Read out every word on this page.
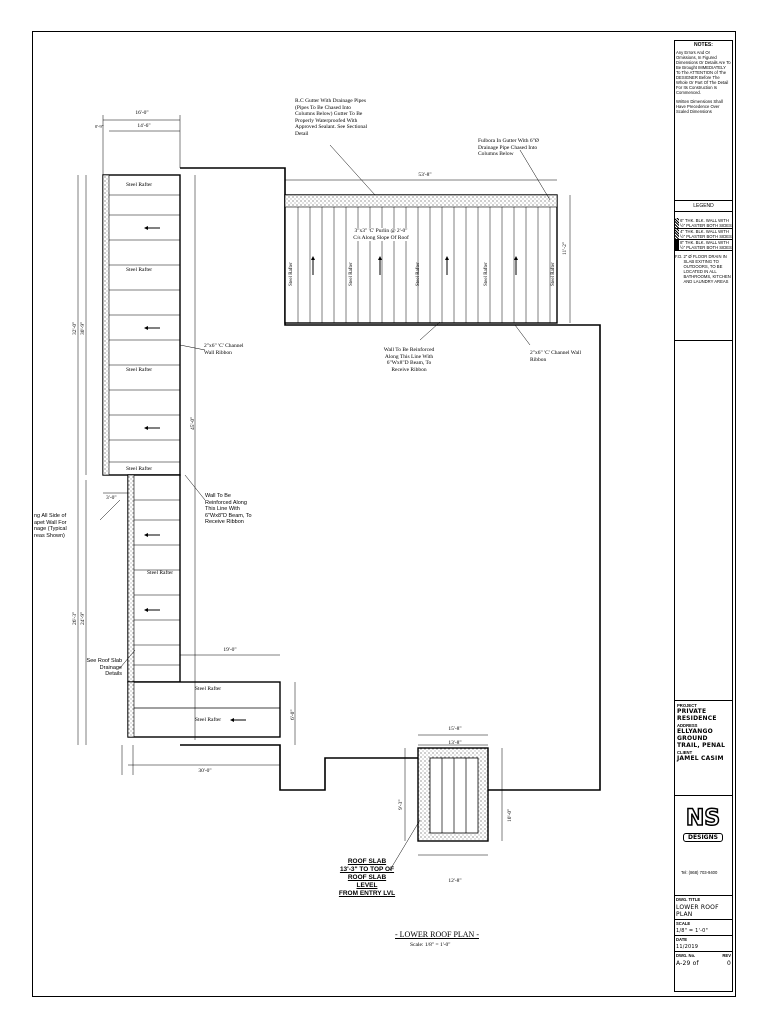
Steel Rafter	Steel Rafter	Steel Rafter	Steel Rafter	Steel Rafter
16'-0"
14'-6"
0'-9"
53'-8"
11'-2"
32'-0" 30'-9"
45'-0"
26'-3" 24'-9"
3'-0"
19'-0"
6'-0"
30'-0"
15'-8"
13'-8"
12'-8"
9'-3"
10'-0"
Steel Rafter
Steel Rafter
Steel Rafter
Steel Rafter
Steel Rafter
Steel Rafter
Steel Rafter
R.C Gutter With Drainage Pipes (Pipes To Be Chased Into Columns Below) Gutter To Be Properly Waterproofed With Approved Sealant. See Sectional Detail
Fulbora In Gutter With 6"Ø Drainage Pipe Chased Into Columns Below
3"x3" 'C' Purlin @ 2'-0" C/s Along Slope Of Roof
2"x6" 'C' Channel Wall Ribbon	2"x6" 'C' Channel Wall Ribbon
Wall To Be Reinforced Along This Line With 6"Wx8"D Beam, To Receive Ribbon
Wall To Be Reinforced Along This Line With 6"Wx8"D Beam, To Receive Ribbon
ng All Side of apet Wall For nage (Typical reas Shown)
See Roof Slab Drainage Details
ROOF SLAB
13'-3" TO TOP OF
ROOF SLAB LEVEL
FROM ENTRY LVL
- LOWER ROOF PLAN -
Scale: 1/8" = 1'-0"
NOTES:
Any Errors And Or Omissions, In Figured Dimensions Or Details Are To Be Brought IMMEDIATELY To The ATTENTION of The DESIGNER Before The Whole Or Part Of The Detail For Its Construction Is Commenced.
Written Dimensions Shall Have Precedence Over Scaled Dimensions
LEGEND
6" THK. BLK. WALL WITH ½" PLASTER BOTH SIDES
4" THK. BLK. WALL WITH ½" PLASTER BOTH SIDES
8" THK. BLK. WALL WITH ½" PLASTER BOTH SIDES
F.D. 2" Ø FLOOR DRAIN IN SLAB EXITING TO OUTDOORS, TO BE LOCATED IN ALL BATHROOMS, KITCHEN AND LAUNDRY AREAS
PROJECT
PRIVATE RESIDENCE
ADDRESS
ELLYANGO GROUND
TRAIL, PENAL
CLIENT
JAMEL CASIM
NS
DESIGNS
Tel: (868) 703-9400
DWG. TITLE
LOWER ROOF PLAN
SCALE
1/8" = 1'-0"
DATE
11/2019
DWG. No.	REV
A-29 of	0
